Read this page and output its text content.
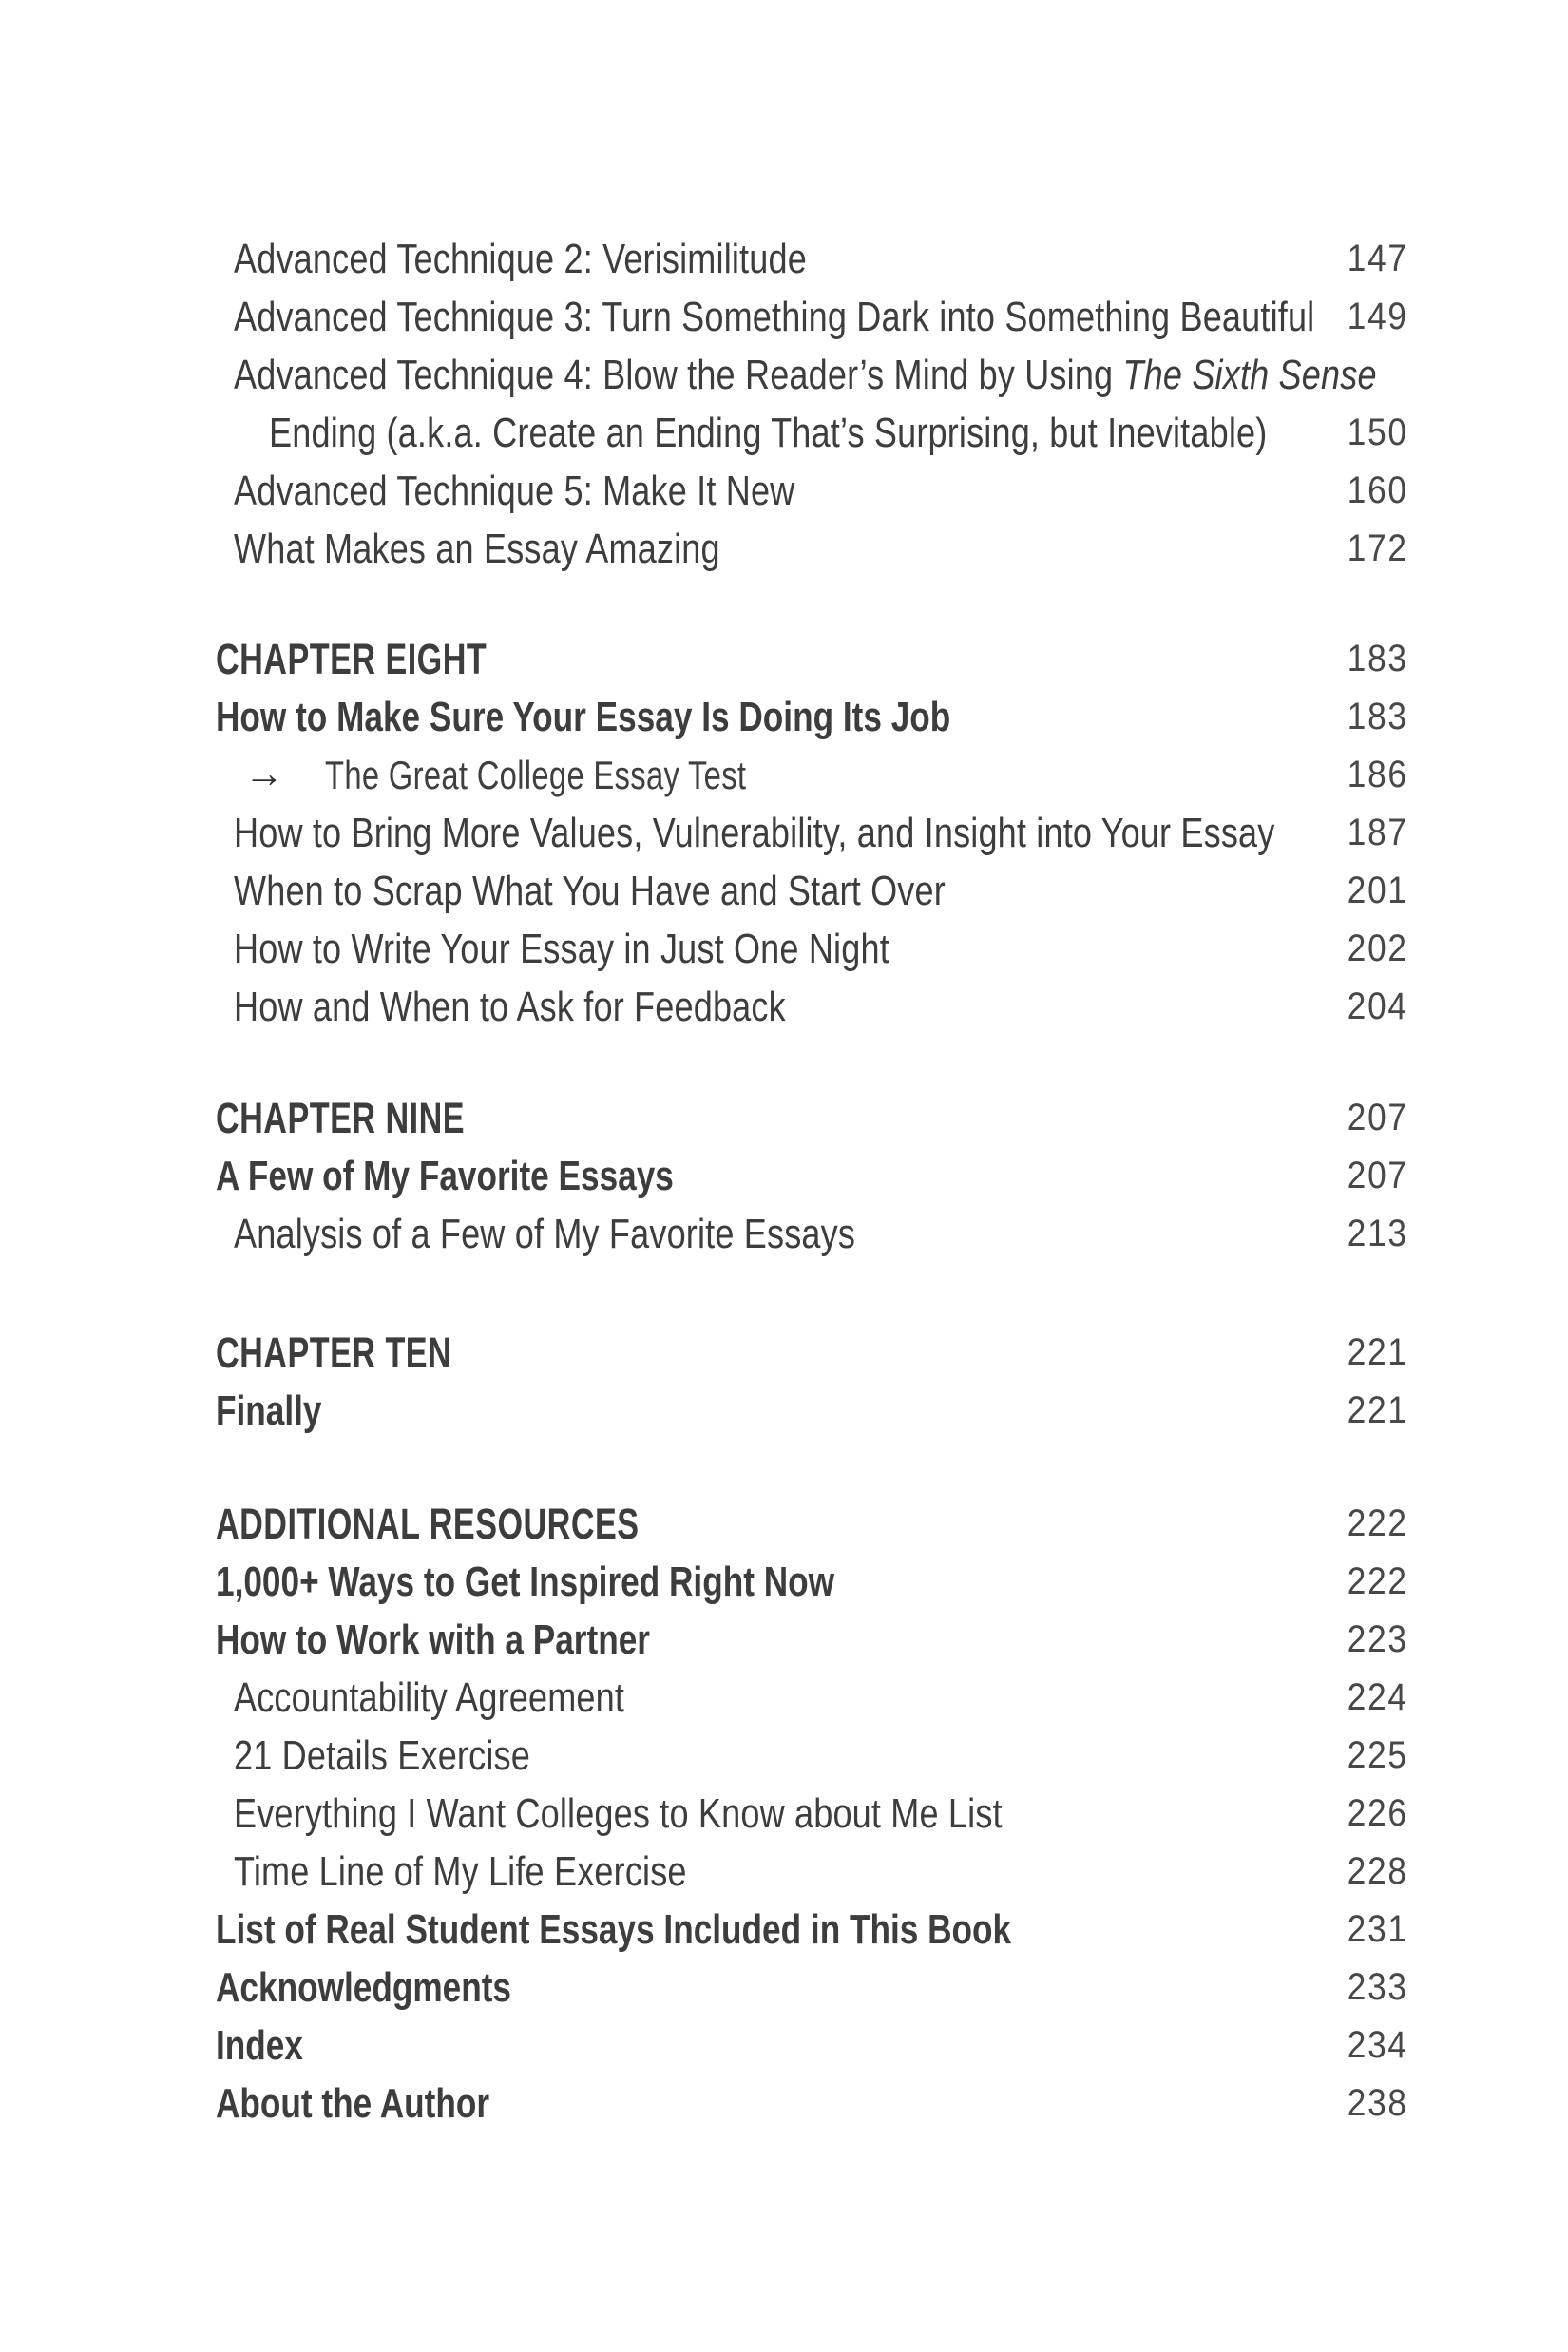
Advanced Technique 2: Verisimilitude	147
Advanced Technique 3: Turn Something Dark into Something Beautiful 149
Advanced Technique 4: Blow the Reader’s Mind by Using The Sixth Sense
Ending (a.k.a. Create an Ending That’s Surprising, but Inevitable) 150
Advanced Technique 5: Make It New	160
What Makes an Essay Amazing	172
CHAPTER EIGHT	183
How to Make Sure Your Essay Is Doing Its Job	183
→ The Great College Essay Test	186
How to Bring More Values, Vulnerability, and Insight into Your Essay 187
When to Scrap What You Have and Start Over	201
How to Write Your Essay in Just One Night	202
How and When to Ask for Feedback	204
CHAPTER NINE	207
A Few of My Favorite Essays	207
Analysis of a Few of My Favorite Essays	213
CHAPTER TEN	221
Finally	221
ADDITIONAL RESOURCES	222
1,000+ Ways to Get Inspired Right Now	222
How to Work with a Partner	223
Accountability Agreement	224
21 Details Exercise	225
Everything I Want Colleges to Know about Me List	226
Time Line of My Life Exercise	228
List of Real Student Essays Included in This Book	231
Acknowledgments	233
Index	234
About the Author	238
